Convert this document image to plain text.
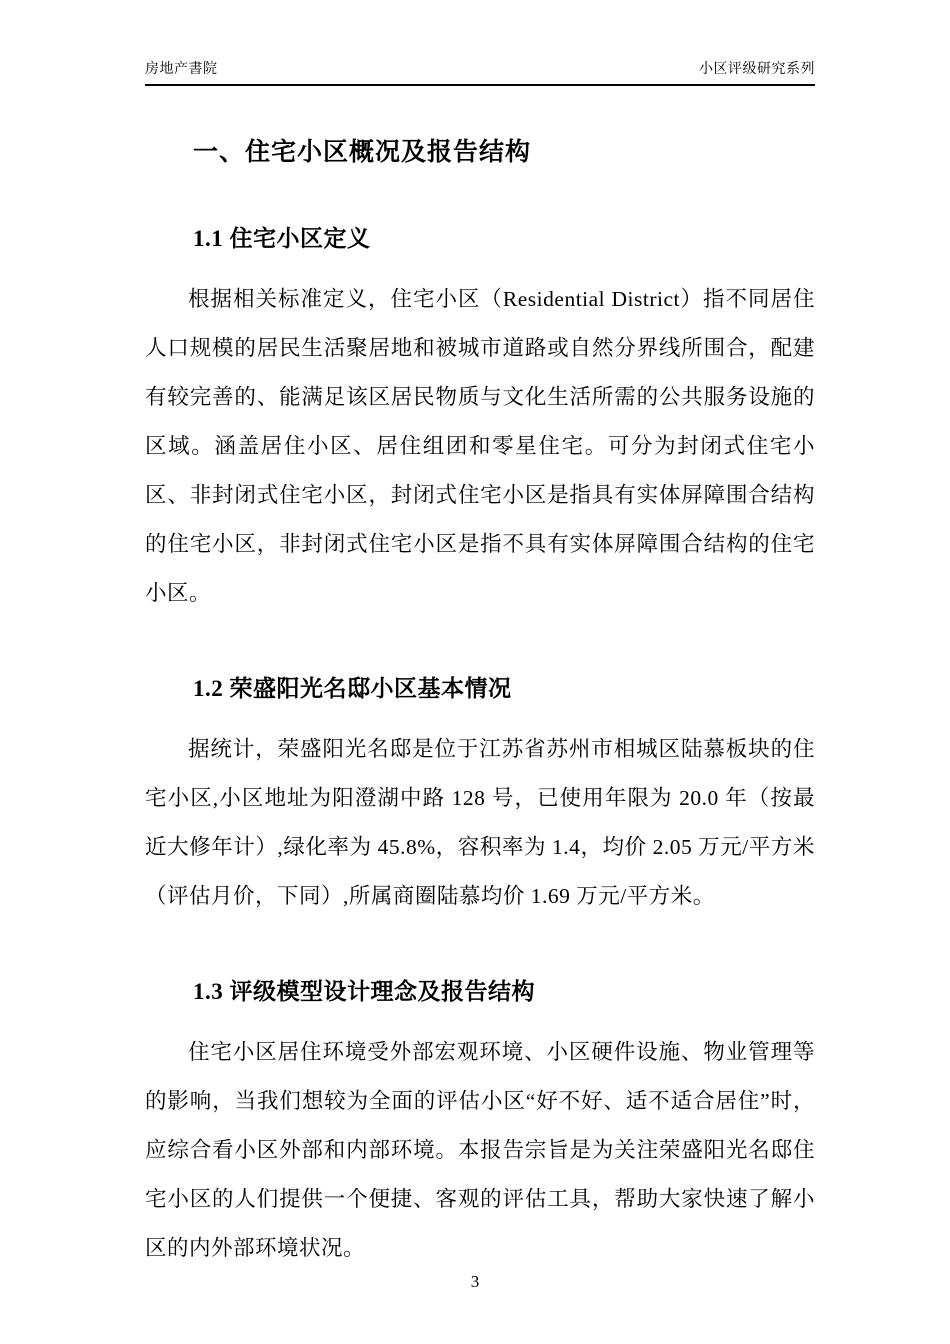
房地产書院	小区评级研究系列
一、住宅小区概况及报告结构
1.1 住宅小区定义

根据相关标准定义，住宅小区（Residential District）指不同居住人口规模的居民生活聚居地和被城市道路或自然分界线所围合，配建有较完善的、能满足该区居民物质与文化生活所需的公共服务设施的区域。涵盖居住小区、居住组团和零星住宅。可分为封闭式住宅小区、非封闭式住宅小区，封闭式住宅小区是指具有实体屏障围合结构的住宅小区，非封闭式住宅小区是指不具有实体屏障围合结构的住宅小区。

1.2 荣盛阳光名邸小区基本情况

据统计，荣盛阳光名邸是位于江苏省苏州市相城区陆慕板块的住宅小区,小区地址为阳澄湖中路 128 号，已使用年限为 20.0 年（按最近大修年计）,绿化率为 45.8%，容积率为 1.4，均价 2.05 万元/平方米（评估月价，下同）,所属商圈陆慕均价 1.69 万元/平方米。

1.3 评级模型设计理念及报告结构

住宅小区居住环境受外部宏观环境、小区硬件设施、物业管理等的影响，当我们想较为全面的评估小区“好不好、适不适合居住”时，应综合看小区外部和内部环境。本报告宗旨是为关注荣盛阳光名邸住宅小区的人们提供一个便捷、客观的评估工具，帮助大家快速了解小区的内外部环境状况。

3
